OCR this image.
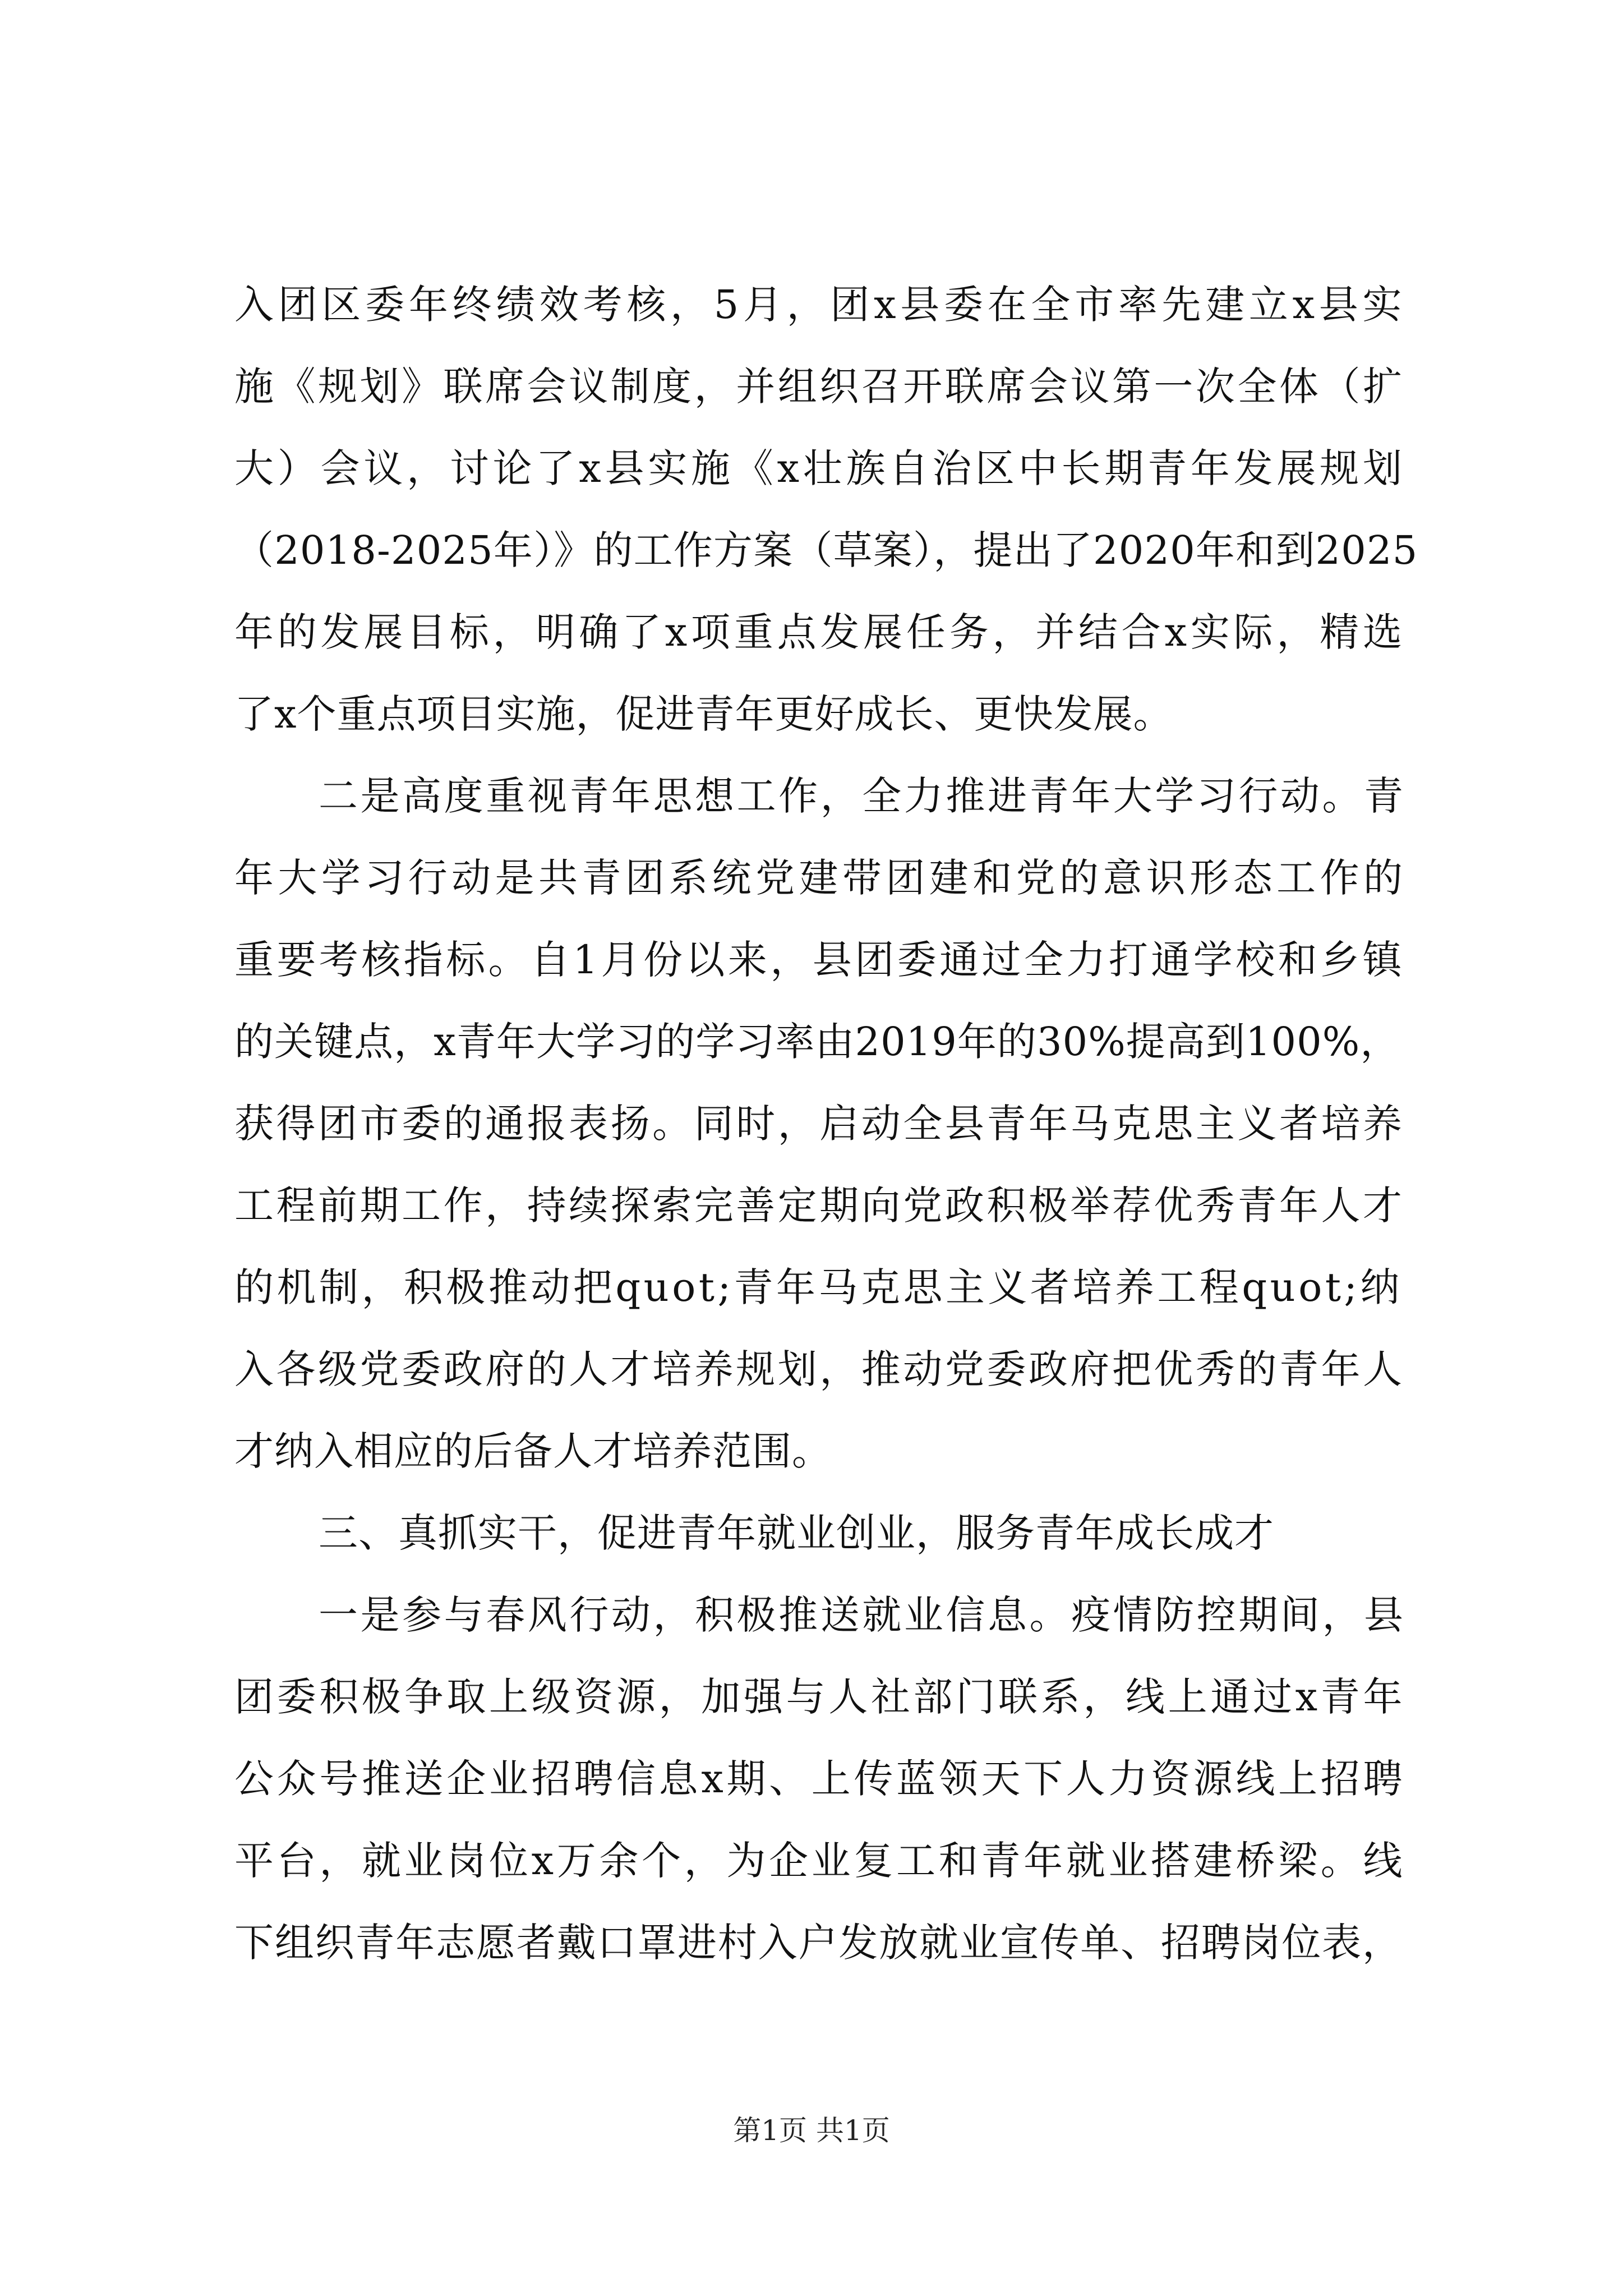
入团区委年终绩效考核，5月，团x县委在全市率先建立x县实
施《规划》联席会议制度，并组织召开联席会议第一次全体（扩
大）会议，讨论了x县实施《x壮族自治区中长期青年发展规划
（2018-2025年）》的工作方案（草案），提出了2020年和到2025
年的发展目标，明确了x项重点发展任务，并结合x实际，精选
了x个重点项目实施，促进青年更好成长、更快发展。
二是高度重视青年思想工作，全力推进青年大学习行动。青
年大学习行动是共青团系统党建带团建和党的意识形态工作的
重要考核指标。自1月份以来，县团委通过全力打通学校和乡镇
的关键点，x青年大学习的学习率由2019年的30%提高到100%，
获得团市委的通报表扬。同时，启动全县青年马克思主义者培养
工程前期工作，持续探索完善定期向党政积极举荐优秀青年人才
的机制，积极推动把quot;青年马克思主义者培养工程quot;纳
入各级党委政府的人才培养规划，推动党委政府把优秀的青年人
才纳入相应的后备人才培养范围。
三、真抓实干，促进青年就业创业，服务青年成长成才
一是参与春风行动，积极推送就业信息。疫情防控期间，县
团委积极争取上级资源，加强与人社部门联系，线上通过x青年
公众号推送企业招聘信息x期、上传蓝领天下人力资源线上招聘
平台，就业岗位x万余个，为企业复工和青年就业搭建桥梁。线
下组织青年志愿者戴口罩进村入户发放就业宣传单、招聘岗位表，
第1页 共1页
